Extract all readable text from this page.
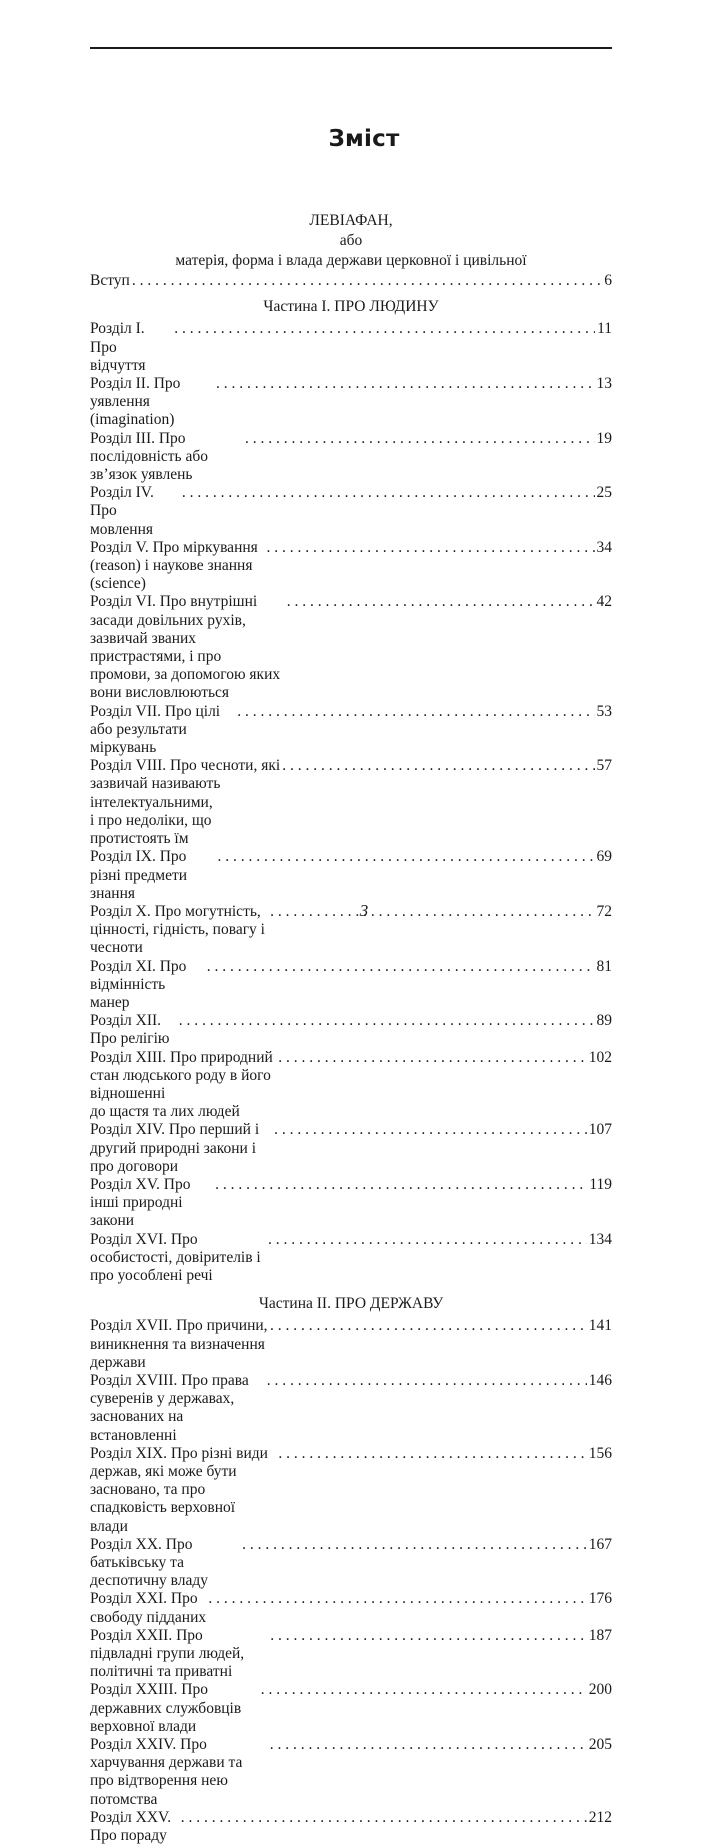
Зміст
ЛЕВІАФАН,
або
матерія, форма і влада держави церковної і цивільної
Вступ
. . .	6
Частина I. ПРО ЛЮДИНУ
Розділ I. Про відчуття
. . .
11
Розділ II. Про уявлення (imagination)
. . .
13
Розділ III. Про послідовність або зв’язок уявлень
. . .
19
Розділ IV. Про мовлення
. . .
25
Розділ V. Про міркування (reason) і наукове знання (science)
. . .
34
Розділ VI. Про внутрішні засади довільних рухів, зазвичай званих
пристрастями, і про промови, за допомогою яких вони висловлюються
. . .
42
Розділ VII. Про цілі або результати міркувань
. . .
53
Розділ VIII. Про чесноти, які зазвичай називають інтелектуальними,
і про недоліки, що протистоять їм
. . .
57
Розділ IX. Про різні предмети знання
. . .
69
Розділ X. Про могутність, цінності, гідність, повагу і чесноти
. . .
72
Розділ XI. Про відмінність манер
. . .
81
Розділ XII. Про релігію
. . .
89
Розділ XIII. Про природний стан людського роду в його відношенні
до щастя та лих людей
. . .
102
Розділ XIV. Про перший і другий природні закони і про договори
. . .
107
Розділ XV. Про інші природні закони
. . .
119
Розділ XVI. Про особистості, довірителів і про уособлені речі
. . .
134
Частина II. ПРО ДЕРЖАВУ
Розділ XVII. Про причини, виникнення та визначення держави
. . .
141
Розділ XVIII. Про права суверенів у державах, заснованих на
встановленні
. . .
146
Розділ XIX. Про різні види держав, які може бути засновано, та про
спадковість верховної влади
. . .
156
Розділ XX. Про батьківську та деспотичну владу
. . .
167
Розділ XXI. Про свободу підданих
. . .
176
Розділ XXII. Про підвладні групи людей, політичні та приватні
. . .
187
Розділ XXIII. Про державних службовців верховної влади
. . .
200
Розділ XXIV. Про харчування держави та про відтворення нею
потомства
. . .
205
Розділ XXV. Про пораду
. . .
212
3
